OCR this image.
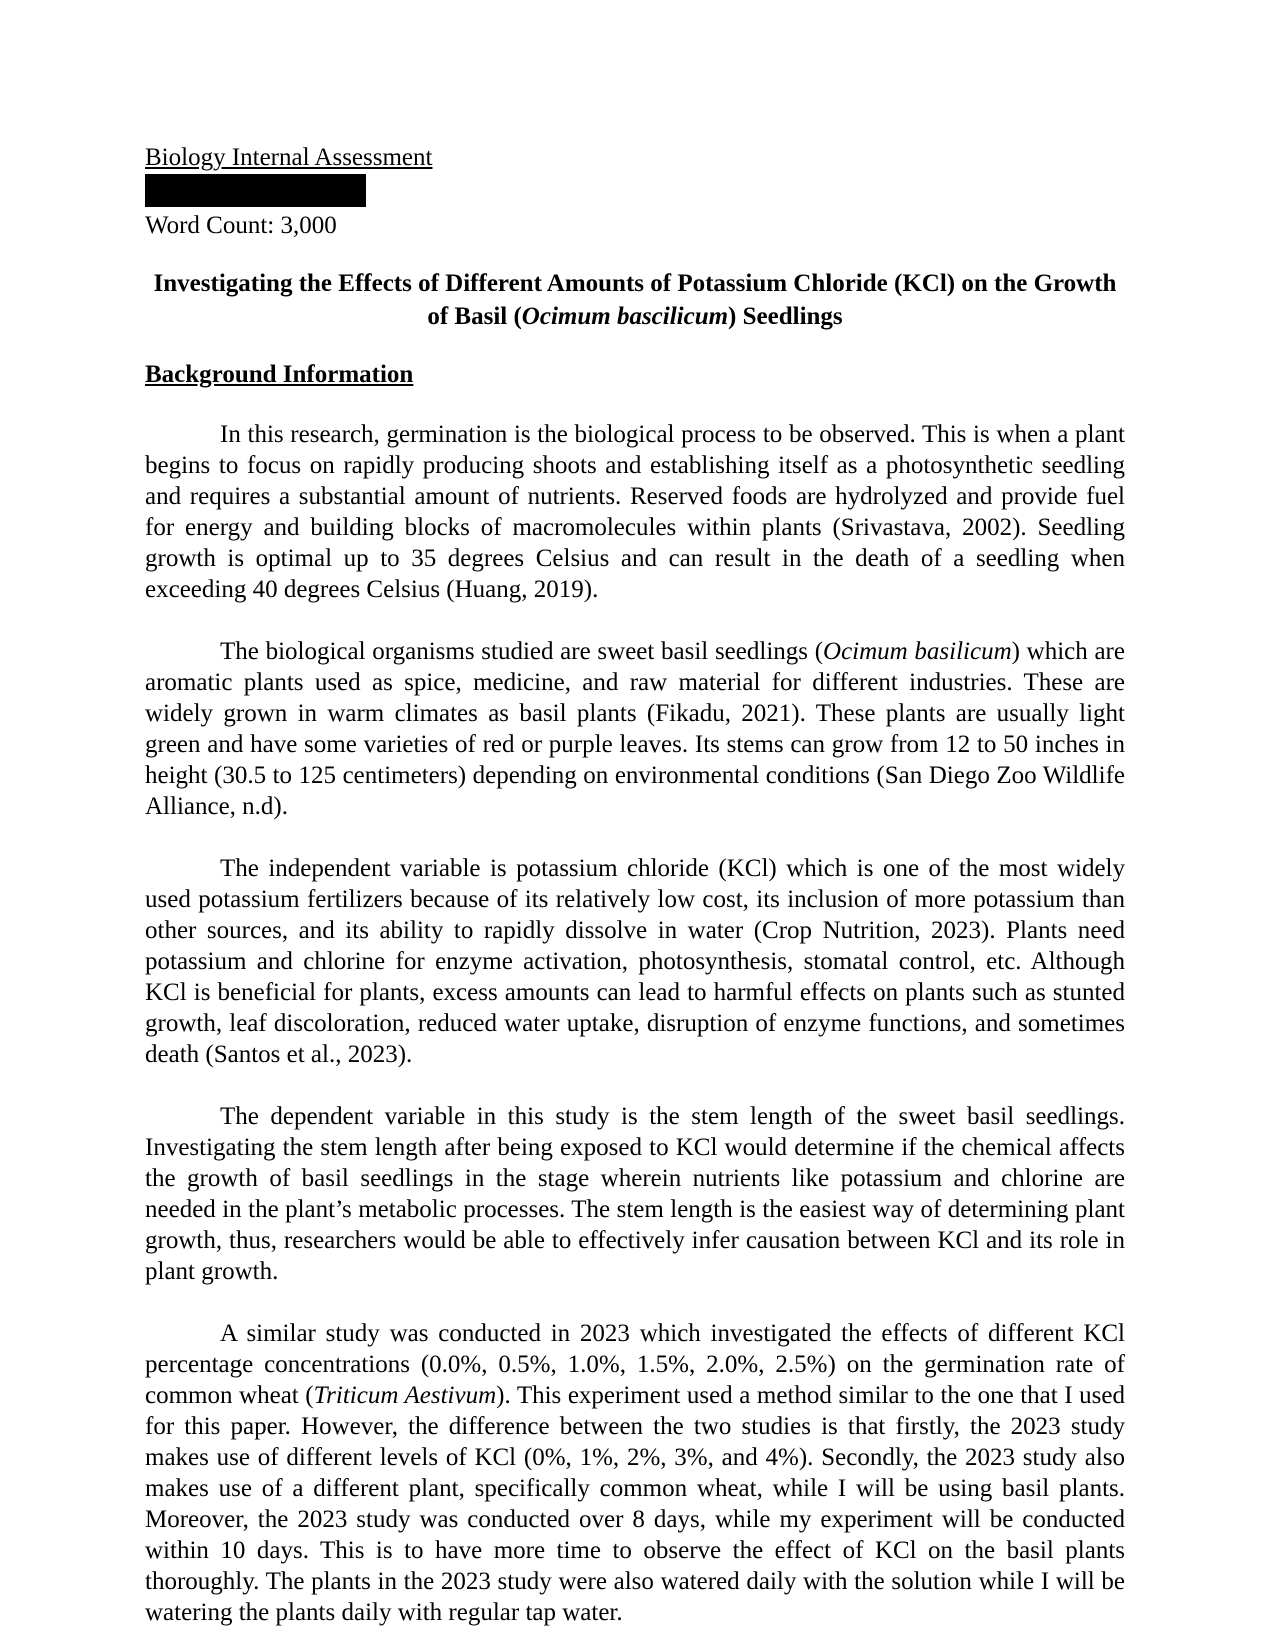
Biology Internal Assessment
Word Count: 3,000
Investigating the Effects of Different Amounts of Potassium Chloride (KCl) on the Growth of Basil (Ocimum bascilicum) Seedlings
Background Information

In this research, germination is the biological process to be observed. This is when a plant begins to focus on rapidly producing shoots and establishing itself as a photosynthetic seedling and requires a substantial amount of nutrients. Reserved foods are hydrolyzed and provide fuel for energy and building blocks of macromolecules within plants (Srivastava, 2002). Seedling growth is optimal up to 35 degrees Celsius and can result in the death of a seedling when exceeding 40 degrees Celsius (Huang, 2019).

The biological organisms studied are sweet basil seedlings (Ocimum basilicum) which are aromatic plants used as spice, medicine, and raw material for different industries. These are widely grown in warm climates as basil plants (Fikadu, 2021). These plants are usually light green and have some varieties of red or purple leaves. Its stems can grow from 12 to 50 inches in height (30.5 to 125 centimeters) depending on environmental conditions (San Diego Zoo Wildlife Alliance, n.d).

The independent variable is potassium chloride (KCl) which is one of the most widely used potassium fertilizers because of its relatively low cost, its inclusion of more potassium than other sources, and its ability to rapidly dissolve in water (Crop Nutrition, 2023). Plants need potassium and chlorine for enzyme activation, photosynthesis, stomatal control, etc. Although KCl is beneficial for plants, excess amounts can lead to harmful effects on plants such as stunted growth, leaf discoloration, reduced water uptake, disruption of enzyme functions, and sometimes death (Santos et al., 2023).

The dependent variable in this study is the stem length of the sweet basil seedlings. Investigating the stem length after being exposed to KCl would determine if the chemical affects the growth of basil seedlings in the stage wherein nutrients like potassium and chlorine are needed in the plant’s metabolic processes. The stem length is the easiest way of determining plant growth, thus, researchers would be able to effectively infer causation between KCl and its role in plant growth.

A similar study was conducted in 2023 which investigated the effects of different KCl percentage concentrations (0.0%, 0.5%, 1.0%, 1.5%, 2.0%, 2.5%) on the germination rate of common wheat (Triticum Aestivum). This experiment used a method similar to the one that I used for this paper. However, the difference between the two studies is that firstly, the 2023 study makes use of different levels of KCl (0%, 1%, 2%, 3%, and 4%). Secondly, the 2023 study also makes use of a different plant, specifically common wheat, while I will be using basil plants. Moreover, the 2023 study was conducted over 8 days, while my experiment will be conducted within 10 days. This is to have more time to observe the effect of KCl on the basil plants thoroughly. The plants in the 2023 study were also watered daily with the solution while I will be watering the plants daily with regular tap water.
